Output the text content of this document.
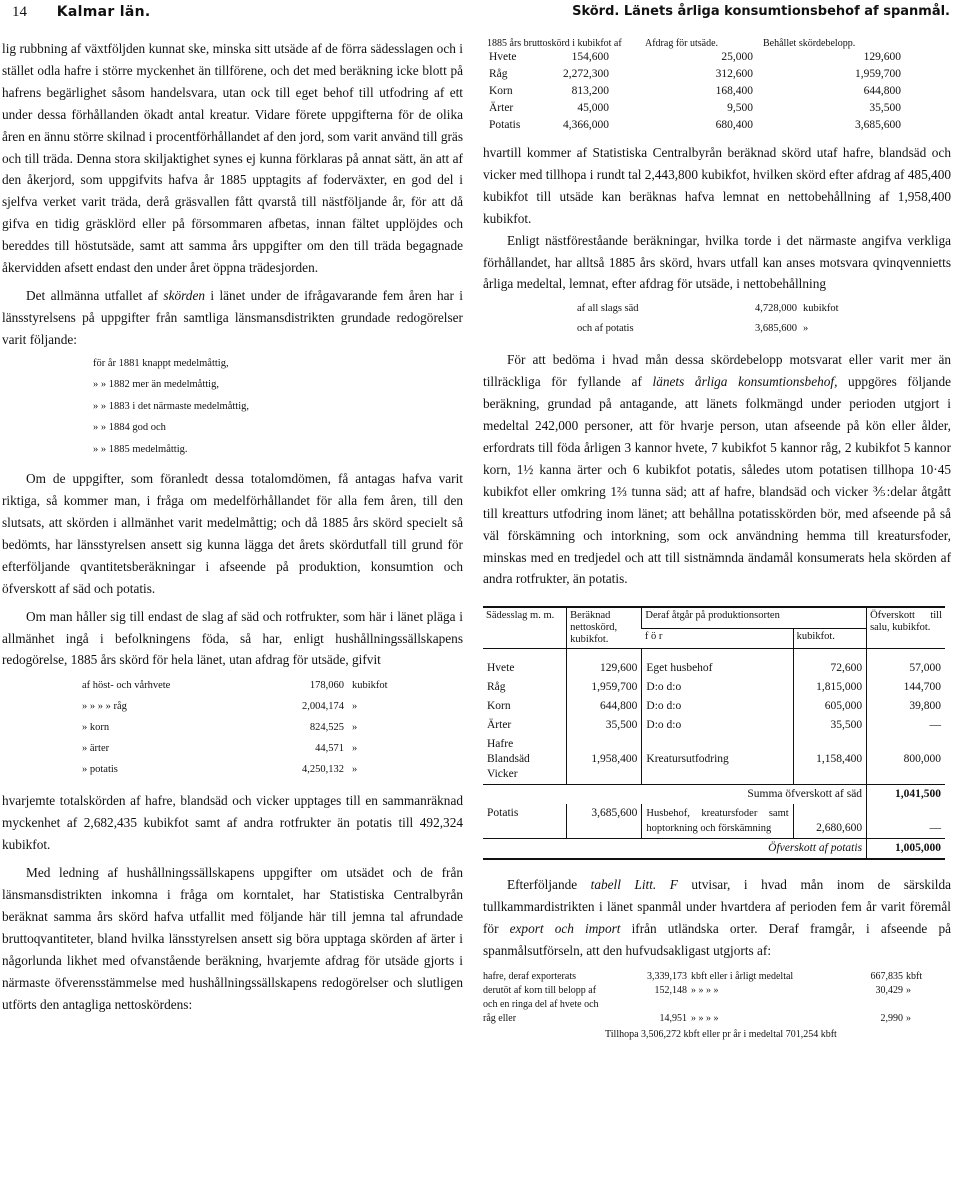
14 Kalmar län.	Skörd. Länets årliga konsumtionsbehof af spanmål.

lig rubbning af växtföljden kunnat ske, minska sitt utsäde af de förra sädesslagen och i stället odla hafre i större myckenhet än tillförene, och det med beräkning icke blott på hafrens begärlighet såsom handelsvara, utan ock till eget behof till utfodring af ett under dessa förhållanden ökadt antal kreatur. Vidare förete uppgifterna för de olika åren en ännu större skilnad i procentförhållandet af den jord, som varit använd till gräs och till träda. Denna stora skiljaktighet synes ej kunna förklaras på annat sätt, än att af den åkerjord, som uppgifvits hafva år 1885 upptagits af foderväxter, en god del i sjelfva verket varit träda, derå gräsvallen fått qvarstå till nästföljande år, för att då gifva en tidig gräsklörd eller på försommaren afbetas, innan fältet upplöjdes och bereddes till höstutsäde, samt att samma års uppgifter om den till träda begagnade åkervidden afsett endast den under året öppna trädesjorden.

Det allmänna utfallet af skörden i länet under de ifrågavarande fem åren har i länsstyrelsens på uppgifter från samtliga länsmansdistrikten grundade redogörelser varit följande:

för år 1881 knappt medelmåttig,
» » 1882 mer än medelmåttig,
» » 1883 i det närmaste medelmåttig,
» » 1884 god och
» » 1885 medelmåttig.

Om de uppgifter, som föranledt dessa totalomdömen, få antagas hafva varit riktiga, så kommer man, i fråga om medelförhållandet för alla fem åren, till den slutsats, att skörden i allmänhet varit medelmåttig; och då 1885 års skörd specielt så bedömts, har länsstyrelsen ansett sig kunna lägga det årets skördutfall till grund för efterföljande qvantitetsberäkningar i afseende på produktion, konsumtion och öfverskott af säd och potatis.

Om man håller sig till endast de slag af säd och rotfrukter, som här i länet pläga i allmänhet ingå i befolkningens föda, så har, enligt hushållningssällskapens redogörelse, 1885 års skörd för hela länet, utan afdrag för utsäde, gifvit

af höst- och vårhvete	178,060 kubikfot
» » » » råg	2,004,174 »
» korn	824,525 »
» ärter	44,571 »
» potatis	4,250,132 »

hvarjemte totalskörden af hafre, blandsäd och vicker upptages till en sammanräknad myckenhet af 2,682,435 kubikfot samt af andra rotfrukter än potatis till 492,324 kubikfot.

Med ledning af hushållningssällskapens uppgifter om utsädet och de från länsmansdistrikten inkomna i fråga om korntalet, har Statistiska Centralbyrån beräknat samma års skörd hafva utfallit med följande här till jemna tal afrundade bruttoqvantiteter, bland hvilka länsstyrelsen ansett sig böra upptaga skörden af ärter i någorlunda likhet med ofvanstående beräkning, hvarjemte afdrag för utsäde gjorts i närmaste öfverensstämmelse med hushållningssällskapens redogörelser och slutligen utförts den antagliga nettoskördens:

1885 års bruttoskörd i kubikfot af	Afdrag för utsäde.	Behållet skördebelopp.
Hvete 154,600	25,000	129,600
Råg 2,272,300	312,600	1,959,700
Korn 813,200	168,400	644,800
Ärter 45,000	9,500	35,500
Potatis 4,366,000	680,400	3,685,600

hvartill kommer af Statistiska Centralbyrån beräknad skörd utaf hafre, blandsäd och vicker med tillhopa i rundt tal 2,443,800 kubikfot, hvilken skörd efter afdrag af 485,400 kubikfot till utsäde kan beräknas hafva lemnat en nettobehållning af 1,958,400 kubikfot.

Enligt nästföreståande beräkningar, hvilka torde i det närmaste angifva verkliga förhållandet, har alltså 1885 års skörd, hvars utfall kan anses motsvara qvinqvennietts årliga medeltal, lemnat, efter afdrag för utsäde, i nettobehållning

af all slags säd	4,728,000 kubikfot
och af potatis	3,685,600 »

För att bedöma i hvad mån dessa skördebelopp motsvarat eller varit mer än tillräckliga för fyllande af länets årliga konsumtionsbehof, uppgöres följande beräkning, grundad på antagande, att länets folkmängd under perioden utgjort i medeltal 242,000 personer, att för hvarje person, utan afseende på kön eller ålder, erfordrats till föda årligen 3 kannor hvete, 7 kubikfot 5 kannor råg, 2 kubikfot 5 kannor korn, 1½ kanna ärter och 6 kubikfot potatis, således utom potatisen tillhopa 10·45 kubikfot eller omkring 1⅔ tunna säd; att af hafre, blandsäd och vicker ⅗:delar åtgått till kreatturs utfodring inom länet; att behållna potatisskörden bör, med afseende på så väl förskämning och intorkning, som ock användning hemma till kreatursfoder, minskas med en tredjedel och att till sistnämnda ändamål konsumerats hela skörden af andra rotfrukter, än potatis.

Sädesslag m. m.	Beräknad nettoskörd, kubikfot.	Deraf åtgår på produktionsorten		Öfverskott till salu, kubikfot.
		f ö r	kubikfot.	

Hvete	129,600	Eget husbehof	72,600	57,000
Råg	1,959,700	D:o d:o	1,815,000	144,700
Korn	644,800	D:o d:o	605,000	39,800
Ärter	35,500	D:o d:o	35,500	—

Hafre
Blandsäd
Vicker	1,958,400	Kreatursutfodring	1,158,400	800,000
Summa öfverskott af säd				1,041,500
Potatis	3,685,600	Husbehof, kreatursfoder samt hoptorkning och förskämning	2,680,600	—
Öfverskott af potatis				1,005,000

Efterföljande tabell Litt. F utvisar, i hvad mån inom de särskilda tullkammardistrikten i länet spanmål under hvartdera af perioden fem år varit föremål för export och import ifrån utländska orter. Deraf framgår, i afseende på spanmålsutförseln, att den hufvudsakligast utgjorts af:

hafre, deraf exporterats	3,339,173 kbft eller i årligt medeltal	667,835 kbft
derutöt af korn till belopp af	152,148 » » » »	30,429 »
och en ringa del af hvete och
råg eller	14,951 » » » »	2,990 »
Tillhopa 3,506,272 kbft eller pr år i medeltal 701,254 kbft
